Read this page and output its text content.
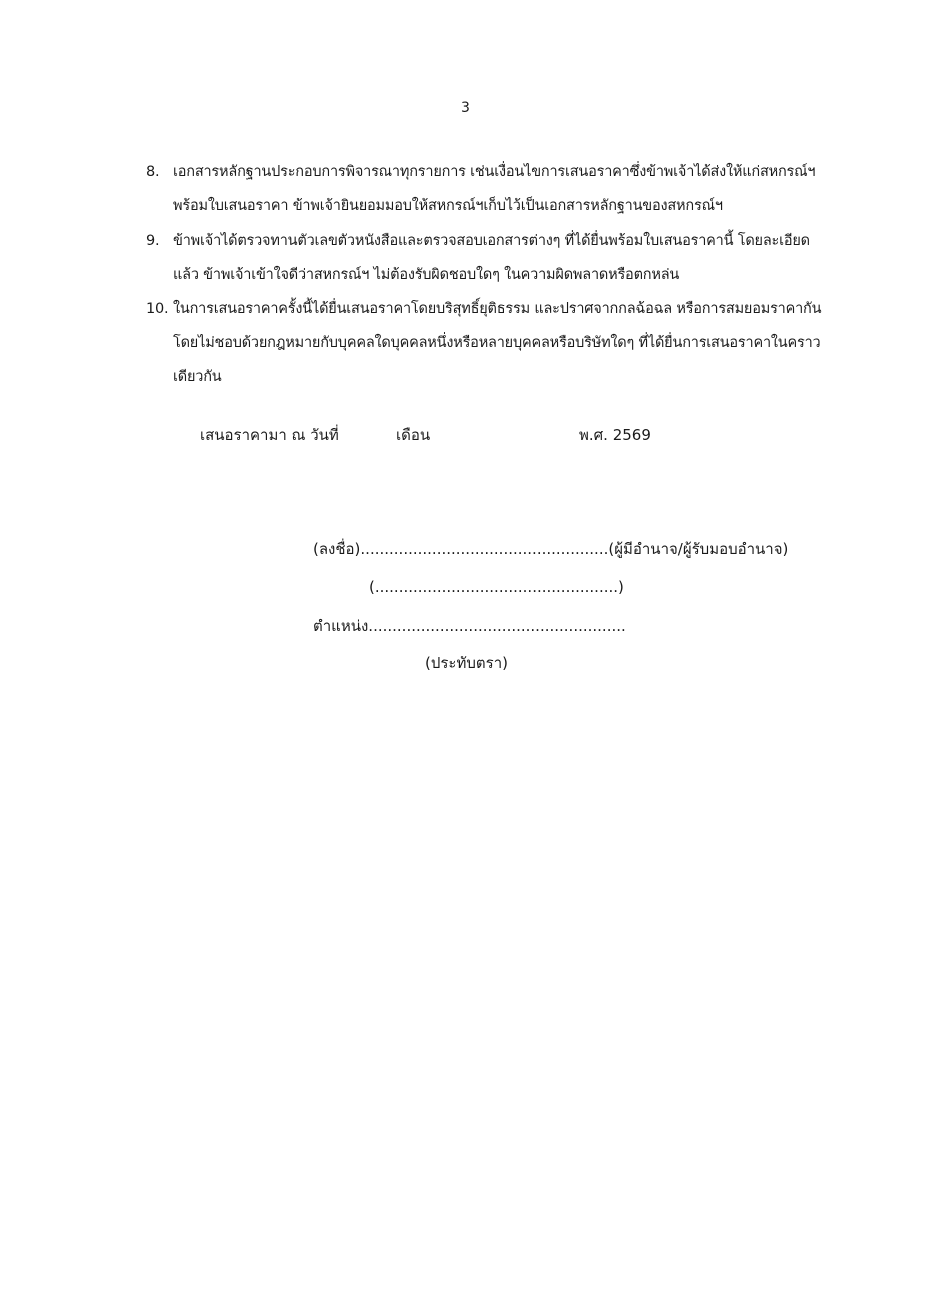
3
8. เอกสารหลักฐานประกอบการพิจารณาทุกรายการ เช่นเงื่อนไขการเสนอราคาซึ่งข้าพเจ้าได้ส่งให้แก่สหกรณ์ฯ
พร้อมใบเสนอราคา ข้าพเจ้ายินยอมมอบให้สหกรณ์ฯเก็บไว้เป็นเอกสารหลักฐานของสหกรณ์ฯ
9. ข้าพเจ้าได้ตรวจทานตัวเลขตัวหนังสือและตรวจสอบเอกสารต่างๆ ที่ได้ยื่นพร้อมใบเสนอราคานี้ โดยละเอียด
แล้ว ข้าพเจ้าเข้าใจดีว่าสหกรณ์ฯ ไม่ต้องรับผิดชอบใดๆ ในความผิดพลาดหรือตกหล่น
10. ในการเสนอราคาครั้งนี้ได้ยื่นเสนอราคาโดยบริสุทธิ์ยุติธรรม และปราศจากกลฉ้อฉล หรือการสมยอมราคากัน
โดยไม่ชอบด้วยกฎหมายกับบุคคลใดบุคคลหนึ่งหรือหลายบุคคลหรือบริษัทใดๆ ที่ได้ยื่นการเสนอราคาในคราว
เดียวกัน
เสนอราคามา ณ วันที่	เดือน	พ.ศ. 2569
(ลงชื่อ)....................................................(ผู้มีอำนาจ/ผู้รับมอบอำนาจ)
(...................................................)
ตำแหน่ง......................................................
(ประทับตรา)
